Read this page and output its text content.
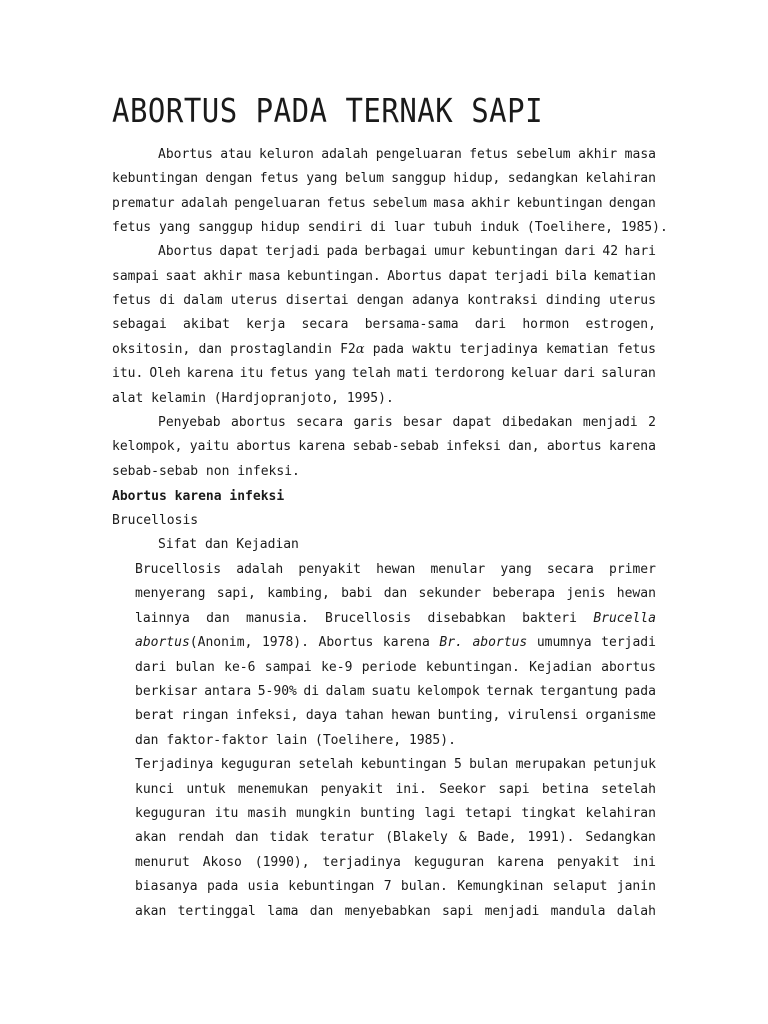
ABORTUS PADA TERNAK SAPI
Abortus atau keluron adalah pengeluaran fetus sebelum akhir masa
kebuntingan dengan fetus yang belum sanggup hidup, sedangkan kelahiran
prematur adalah pengeluaran fetus sebelum masa akhir kebuntingan dengan
fetus yang sanggup hidup sendiri di luar tubuh induk (Toelihere, 1985).
Abortus dapat terjadi pada berbagai umur kebuntingan dari 42 hari
sampai saat akhir masa kebuntingan. Abortus dapat terjadi bila kematian
fetus di dalam uterus disertai dengan adanya kontraksi dinding uterus
sebagai akibat kerja secara bersama-sama dari hormon estrogen,
oksitosin, dan prostaglandin F2α pada waktu terjadinya kematian fetus
itu. Oleh karena itu fetus yang telah mati terdorong keluar dari saluran
alat kelamin (Hardjopranjoto, 1995).
Penyebab abortus secara garis besar dapat dibedakan menjadi 2
kelompok, yaitu abortus karena sebab-sebab infeksi dan, abortus karena
sebab-sebab non infeksi.
Abortus karena infeksi
Brucellosis
Sifat dan Kejadian
Brucellosis adalah penyakit hewan menular yang secara primer
menyerang sapi, kambing, babi dan sekunder beberapa jenis hewan
lainnya dan manusia. Brucellosis disebabkan bakteri Brucella
abortus(Anonim, 1978). Abortus karena Br. abortus umumnya terjadi
dari bulan ke-6 sampai ke-9 periode kebuntingan. Kejadian abortus
berkisar antara 5-90% di dalam suatu kelompok ternak tergantung pada
berat ringan infeksi, daya tahan hewan bunting, virulensi organisme
dan faktor-faktor lain (Toelihere, 1985).
Terjadinya keguguran setelah kebuntingan 5 bulan merupakan petunjuk
kunci untuk menemukan penyakit ini. Seekor sapi betina setelah
keguguran itu masih mungkin bunting lagi tetapi tingkat kelahiran
akan rendah dan tidak teratur (Blakely & Bade, 1991). Sedangkan
menurut Akoso (1990), terjadinya keguguran karena penyakit ini
biasanya pada usia kebuntingan 7 bulan. Kemungkinan selaput janin
akan tertinggal lama dan menyebabkan sapi menjadi mandula dalah
